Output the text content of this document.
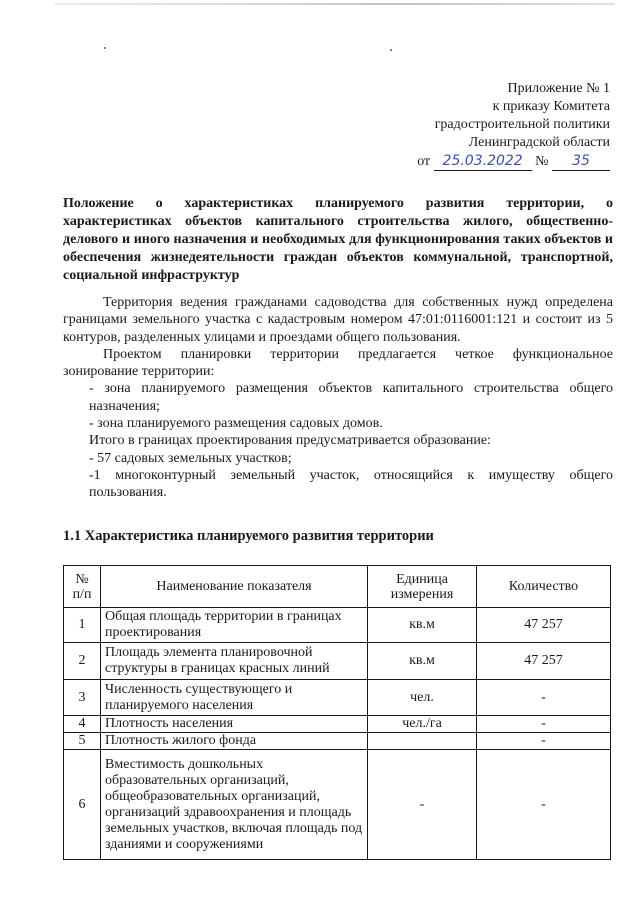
Приложение № 1
к приказу Комитета
градостроительной политики
Ленинградской области
от 25.03.2022 № 35
Положение о характеристиках планируемого развития территории, о характеристиках объектов капитального строительства жилого, общественно-делового и иного назначения и необходимых для функционирования таких объектов и обеспечения жизнедеятельности граждан объектов коммунальной, транспортной, социальной инфраструктур

Территория ведения гражданами садоводства для собственных нужд определена границами земельного участка с кадастровым номером 47:01:0116001:121 и состоит из 5 контуров, разделенных улицами и проездами общего пользования.

Проектом планировки территории предлагается четкое функциональное зонирование территории:

- зона планируемого размещения объектов капитального строительства общего назначения;

- зона планируемого размещения садовых домов.

Итого в границах проектирования предусматривается образование:

- 57 садовых земельных участков;

-1 многоконтурный земельный участок, относящийся к имуществу общего пользования.

1.1 Характеристика планируемого развития территории
№ п/п	Наименование показателя	Единица измерения	Количество
1	Общая площадь территории в границах проектирования	кв.м	47 257
2	Площадь элемента планировочной структуры в границах красных линий	кв.м	47 257
3	Численность существующего и планируемого населения	чел.	-
4	Плотность населения	чел./га	-
5	Плотность жилого фонда		-
6	Вместимость дошкольных образовательных организаций, общеобразовательных организаций, организаций здравоохранения и площадь земельных участков, включая площадь под зданиями и сооружениями	-	-
